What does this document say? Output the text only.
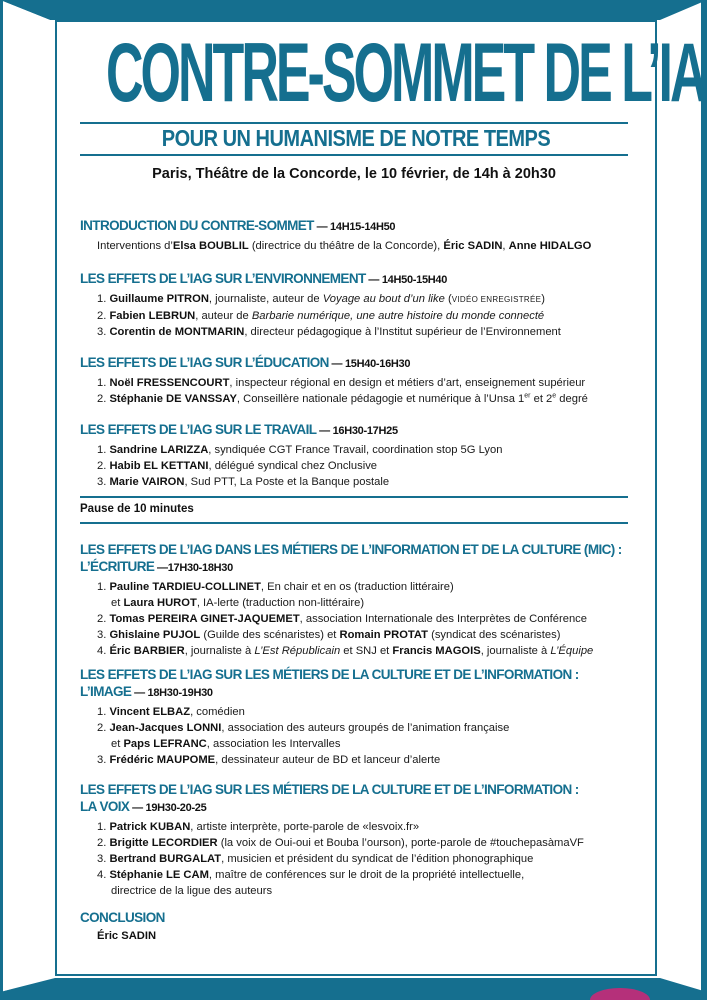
CONTRE-SOMMET DE L’IA
POUR UN HUMANISME DE NOTRE TEMPS
Paris, Théâtre de la Concorde, le 10 février, de 14h à 20h30
INTRODUCTION DU CONTRE-SOMMET — 14H15-14H50
Interventions d’Elsa BOUBLIL (directrice du théâtre de la Concorde), Éric SADIN, Anne HIDALGO
LES EFFETS DE L’IAG SUR L’ENVIRONNEMENT — 14H50-15H40
1. Guillaume PITRON, journaliste, auteur de Voyage au bout d’un like (VIDÉO ENREGISTRÉE)
2. Fabien LEBRUN, auteur de Barbarie numérique, une autre histoire du monde connecté
3. Corentin de MONTMARIN, directeur pédagogique à l’Institut supérieur de l’Environnement
LES EFFETS DE L’IAG SUR L’ÉDUCATION — 15H40-16H30
1. Noël FRESSENCOURT, inspecteur régional en design et métiers d’art, enseignement supérieur
2. Stéphanie DE VANSSAY, Conseillère nationale pédagogie et numérique à l’Unsa 1er et 2e degré
LES EFFETS DE L’IAG SUR LE TRAVAIL — 16H30-17H25
1. Sandrine LARIZZA, syndiquée CGT France Travail, coordination stop 5G Lyon
2. Habib EL KETTANI, délégué syndical chez Onclusive
3. Marie VAIRON, Sud PTT, La Poste et la Banque postale
Pause de 10 minutes
LES EFFETS DE L’IAG DANS LES MÉTIERS DE L’INFORMATION ET DE LA CULTURE (MIC) :
L’ÉCRITURE —17H30-18H30
1. Pauline TARDIEU-COLLINET, En chair et en os (traduction littéraire)
et Laura HUROT, IA-lerte (traduction non-littéraire)
2. Tomas PEREIRA GINET-JAQUEMET, association Internationale des Interprètes de Conférence
3. Ghislaine PUJOL (Guilde des scénaristes) et Romain PROTAT (syndicat des scénaristes)
4. Éric BARBIER, journaliste à L’Est Républicain et SNJ et Francis MAGOIS, journaliste à L’Équipe
LES EFFETS DE L’IAG SUR LES MÉTIERS DE LA CULTURE ET DE L’INFORMATION :
L’IMAGE — 18H30-19H30
1. Vincent ELBAZ, comédien
2. Jean-Jacques LONNI, association des auteurs groupés de l’animation française
et Paps LEFRANC, association les Intervalles
3. Frédéric MAUPOME, dessinateur auteur de BD et lanceur d’alerte
LES EFFETS DE L’IAG SUR LES MÉTIERS DE LA CULTURE ET DE L’INFORMATION :
LA VOIX — 19H30-20-25
1. Patrick KUBAN, artiste interprète, porte-parole de «lesvoix.fr»
2. Brigitte LECORDIER (la voix de Oui-oui et Bouba l’ourson), porte-parole de #touchepasàmaVF
3. Bertrand BURGALAT, musicien et président du syndicat de l’édition phonographique
4. Stéphanie LE CAM, maître de conférences sur le droit de la propriété intellectuelle,
directrice de la ligue des auteurs
CONCLUSION
Éric SADIN
